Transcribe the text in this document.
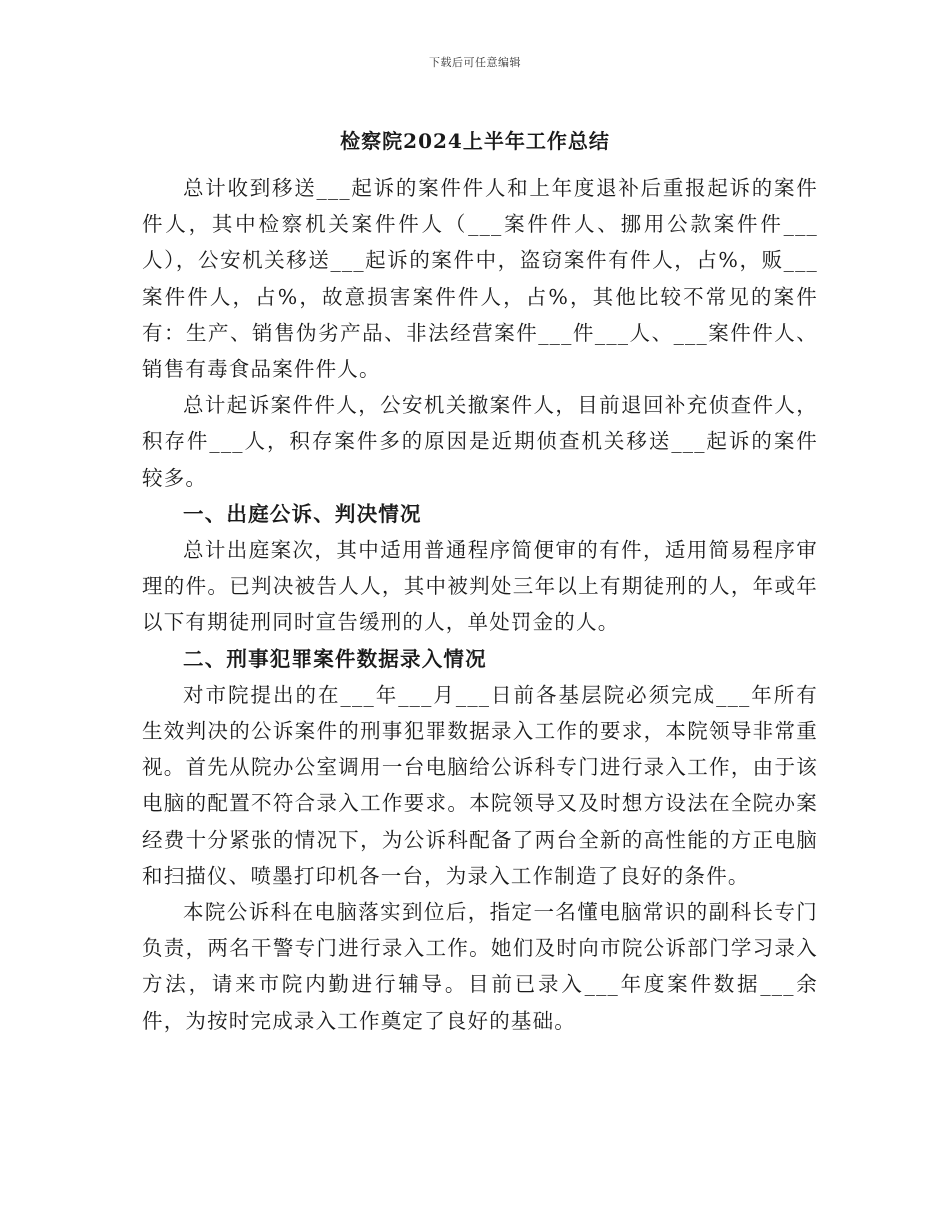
下载后可任意编辑
检察院2024上半年工作总结

总计收到移送___起诉的案件件人和上年度退补后重报起诉的案件件人，其中检察机关案件件人（___案件件人、挪用公款案件件___人），公安机关移送___起诉的案件中，盗窃案件有件人，占%，贩___案件件人，占%，故意损害案件件人，占%，其他比较不常见的案件有：生产、销售伪劣产品、非法经营案件___件___人、___案件件人、销售有毒食品案件件人。

总计起诉案件件人，公安机关撤案件人，目前退回补充侦查件人，积存件___人，积存案件多的原因是近期侦查机关移送___起诉的案件较多。

一、出庭公诉、判决情况

总计出庭案次，其中适用普通程序简便审的有件，适用简易程序审理的件。已判决被告人人，其中被判处三年以上有期徒刑的人，年或年以下有期徒刑同时宣告缓刑的人，单处罚金的人。

二、刑事犯罪案件数据录入情况

对市院提出的在___年___月___日前各基层院必须完成___年所有生效判决的公诉案件的刑事犯罪数据录入工作的要求，本院领导非常重视。首先从院办公室调用一台电脑给公诉科专门进行录入工作，由于该电脑的配置不符合录入工作要求。本院领导又及时想方设法在全院办案经费十分紧张的情况下，为公诉科配备了两台全新的高性能的方正电脑和扫描仪、喷墨打印机各一台，为录入工作制造了良好的条件。

本院公诉科在电脑落实到位后，指定一名懂电脑常识的副科长专门负责，两名干警专门进行录入工作。她们及时向市院公诉部门学习录入方法，请来市院内勤进行辅导。目前已录入___年度案件数据___余件，为按时完成录入工作奠定了良好的基础。
